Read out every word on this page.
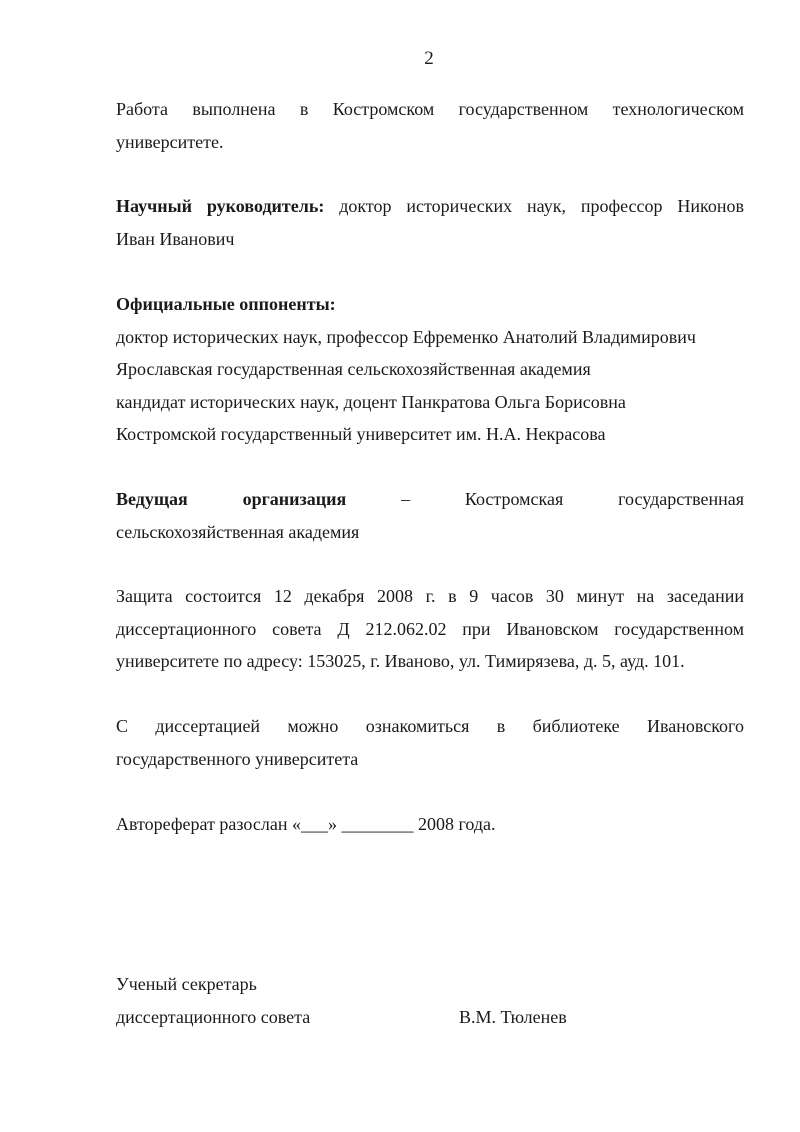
2
Работа выполнена в Костромском государственном технологическом
университете.
Научный руководитель: доктор исторических наук, профессор Никонов
Иван Иванович
Официальные оппоненты:
доктор исторических наук, профессор Ефременко Анатолий Владимирович
Ярославская государственная сельскохозяйственная академия
кандидат исторических наук, доцент Панкратова Ольга Борисовна
Костромской государственный университет им. Н.А. Некрасова
Ведущая организация	–	Костромская государственная
сельскохозяйственная академия
Защита состоится 12 декабря 2008 г. в 9 часов 30 минут на заседании
диссертационного совета Д 212.062.02 при Ивановском государственном
университете по адресу: 153025, г. Иваново, ул. Тимирязева, д. 5, ауд. 101.
С диссертацией можно ознакомиться в библиотеке Ивановского
государственного университета
Автореферат разослан «___» ________ 2008 года.
Ученый секретарь
диссертационного совета	В.М. Тюленев
